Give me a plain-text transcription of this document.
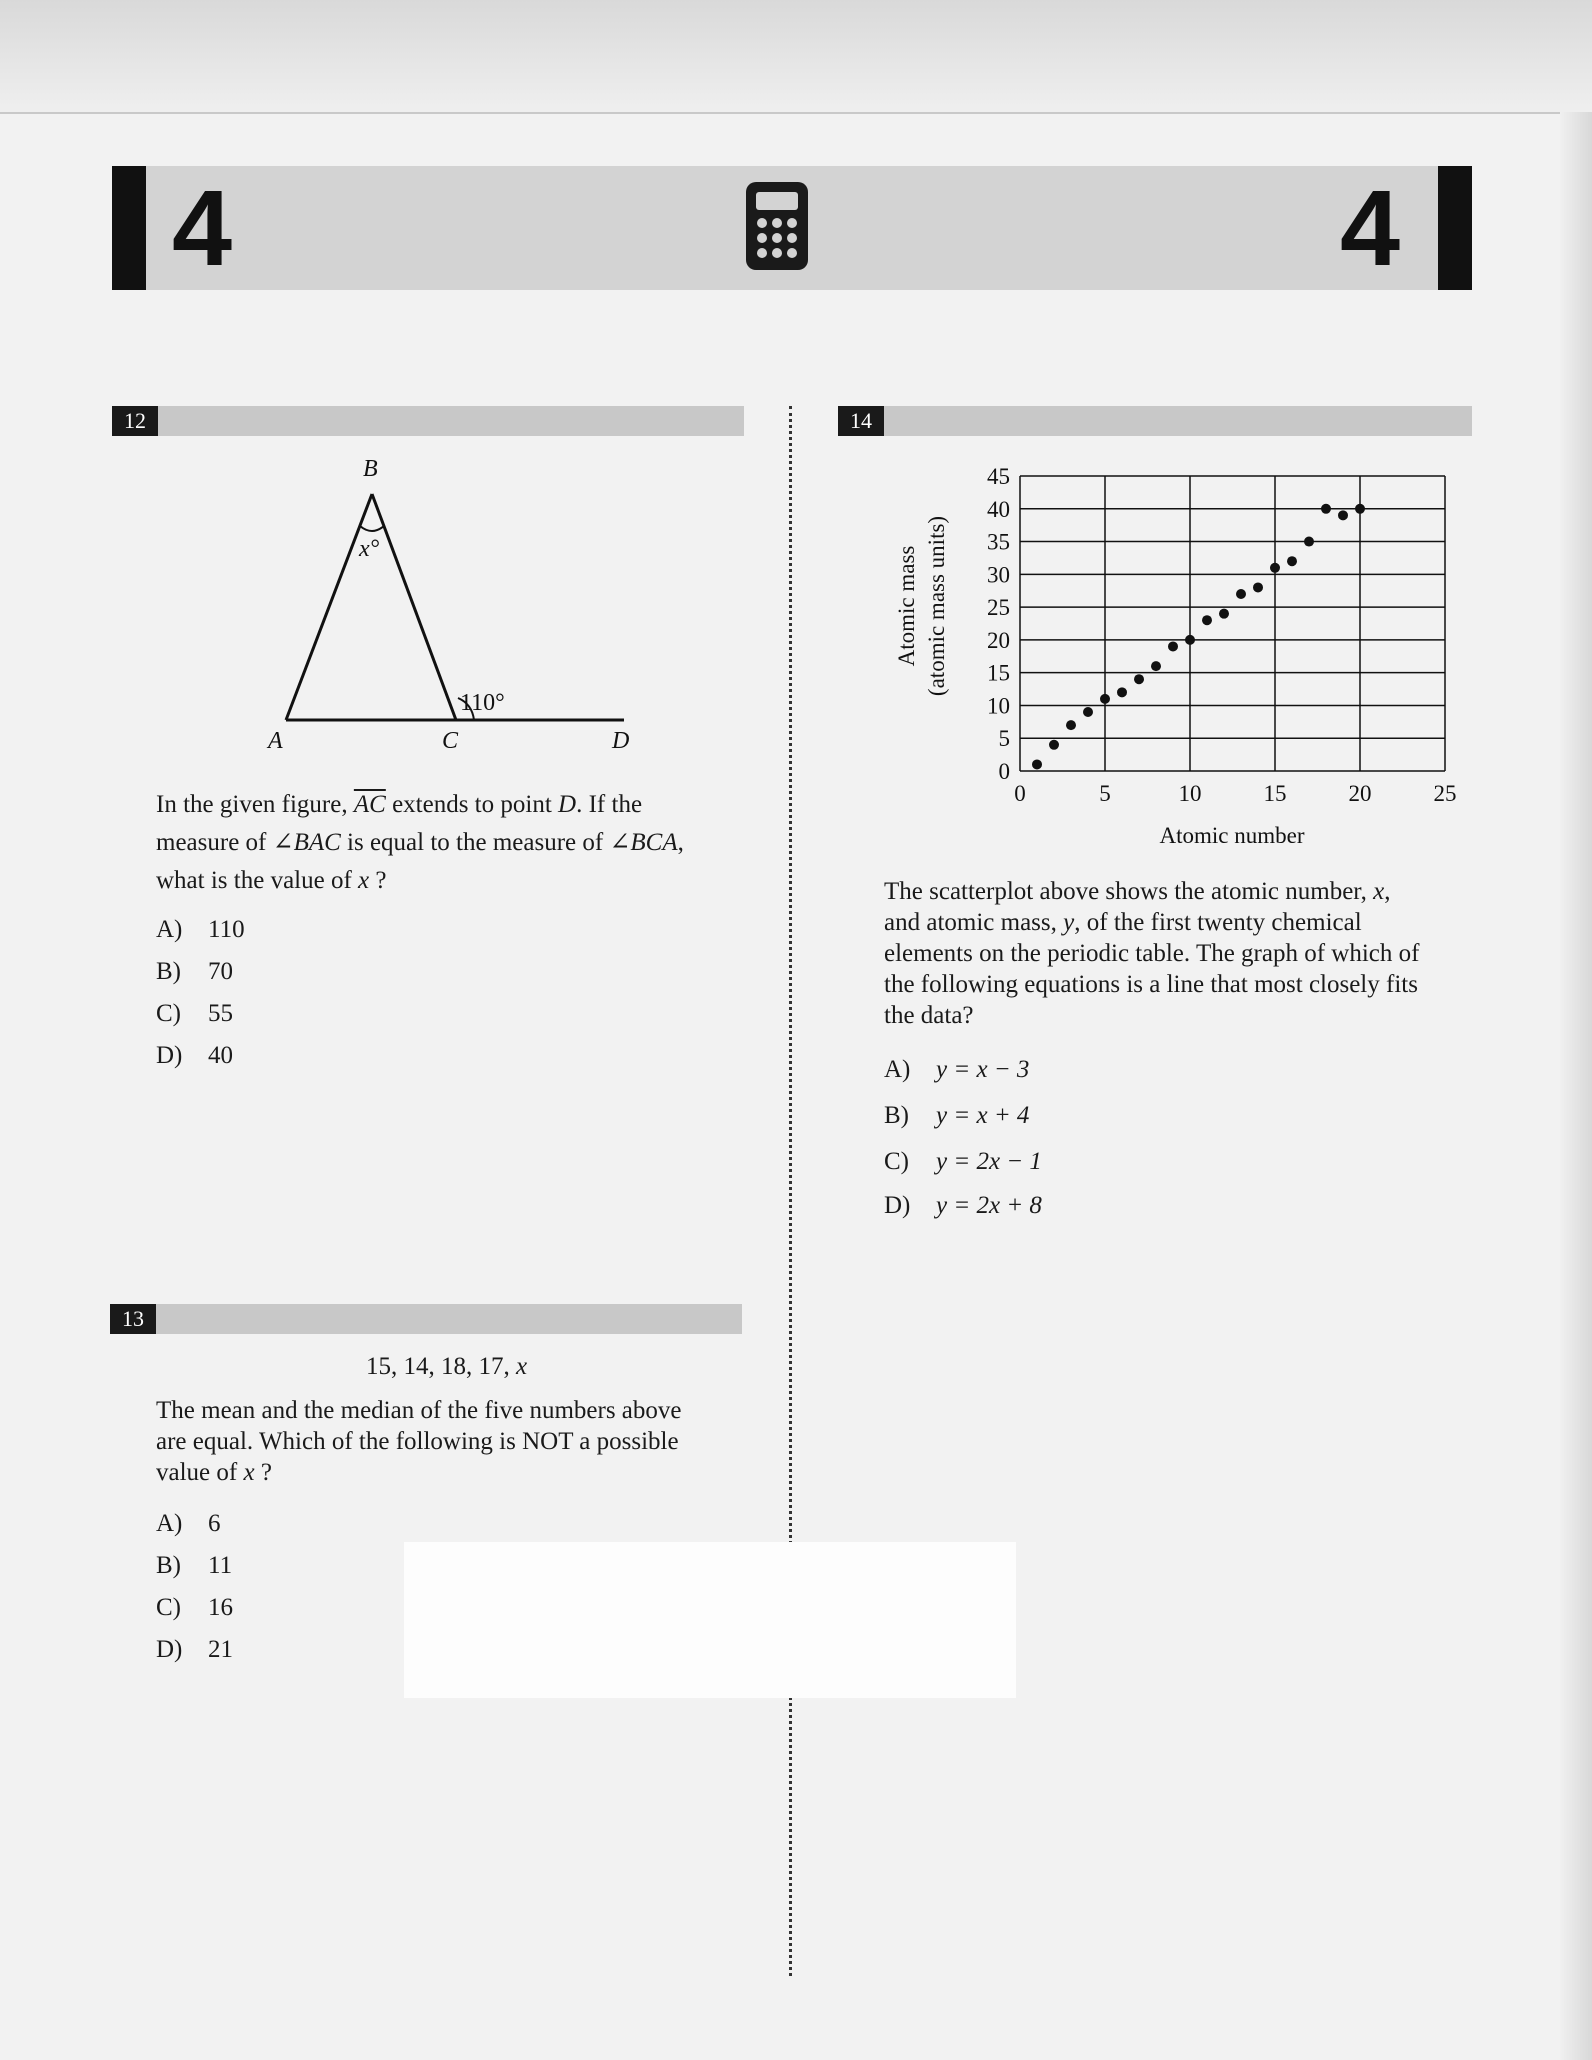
4	4
12
B
x°
110°
A	C	D
In the given figure, $\overline{AC}$ extends to point D. If the
measure of ∠BAC is equal to the measure of ∠BCA,
what is the value of x ?
A) 110
B) 70
C) 55
D) 40
13
15, 14, 18, 17, x
The mean and the median of the five numbers above
are equal. Which of the following is NOT a possible
value of x ?
A) 6
B) 11
C) 16
D) 21
14
0
5
10
15
20
25
30
35
40
45
0	5	10	15	20	25
Atomic mass (atomic mass units)
Atomic number
The scatterplot above shows the atomic number, x,
and atomic mass, y, of the first twenty chemical
elements on the periodic table. The graph of which of
the following equations is a line that most closely fits
the data?
A) y = x − 3
B) y = x + 4
C) y = 2x − 1
D) y = 2x + 8
